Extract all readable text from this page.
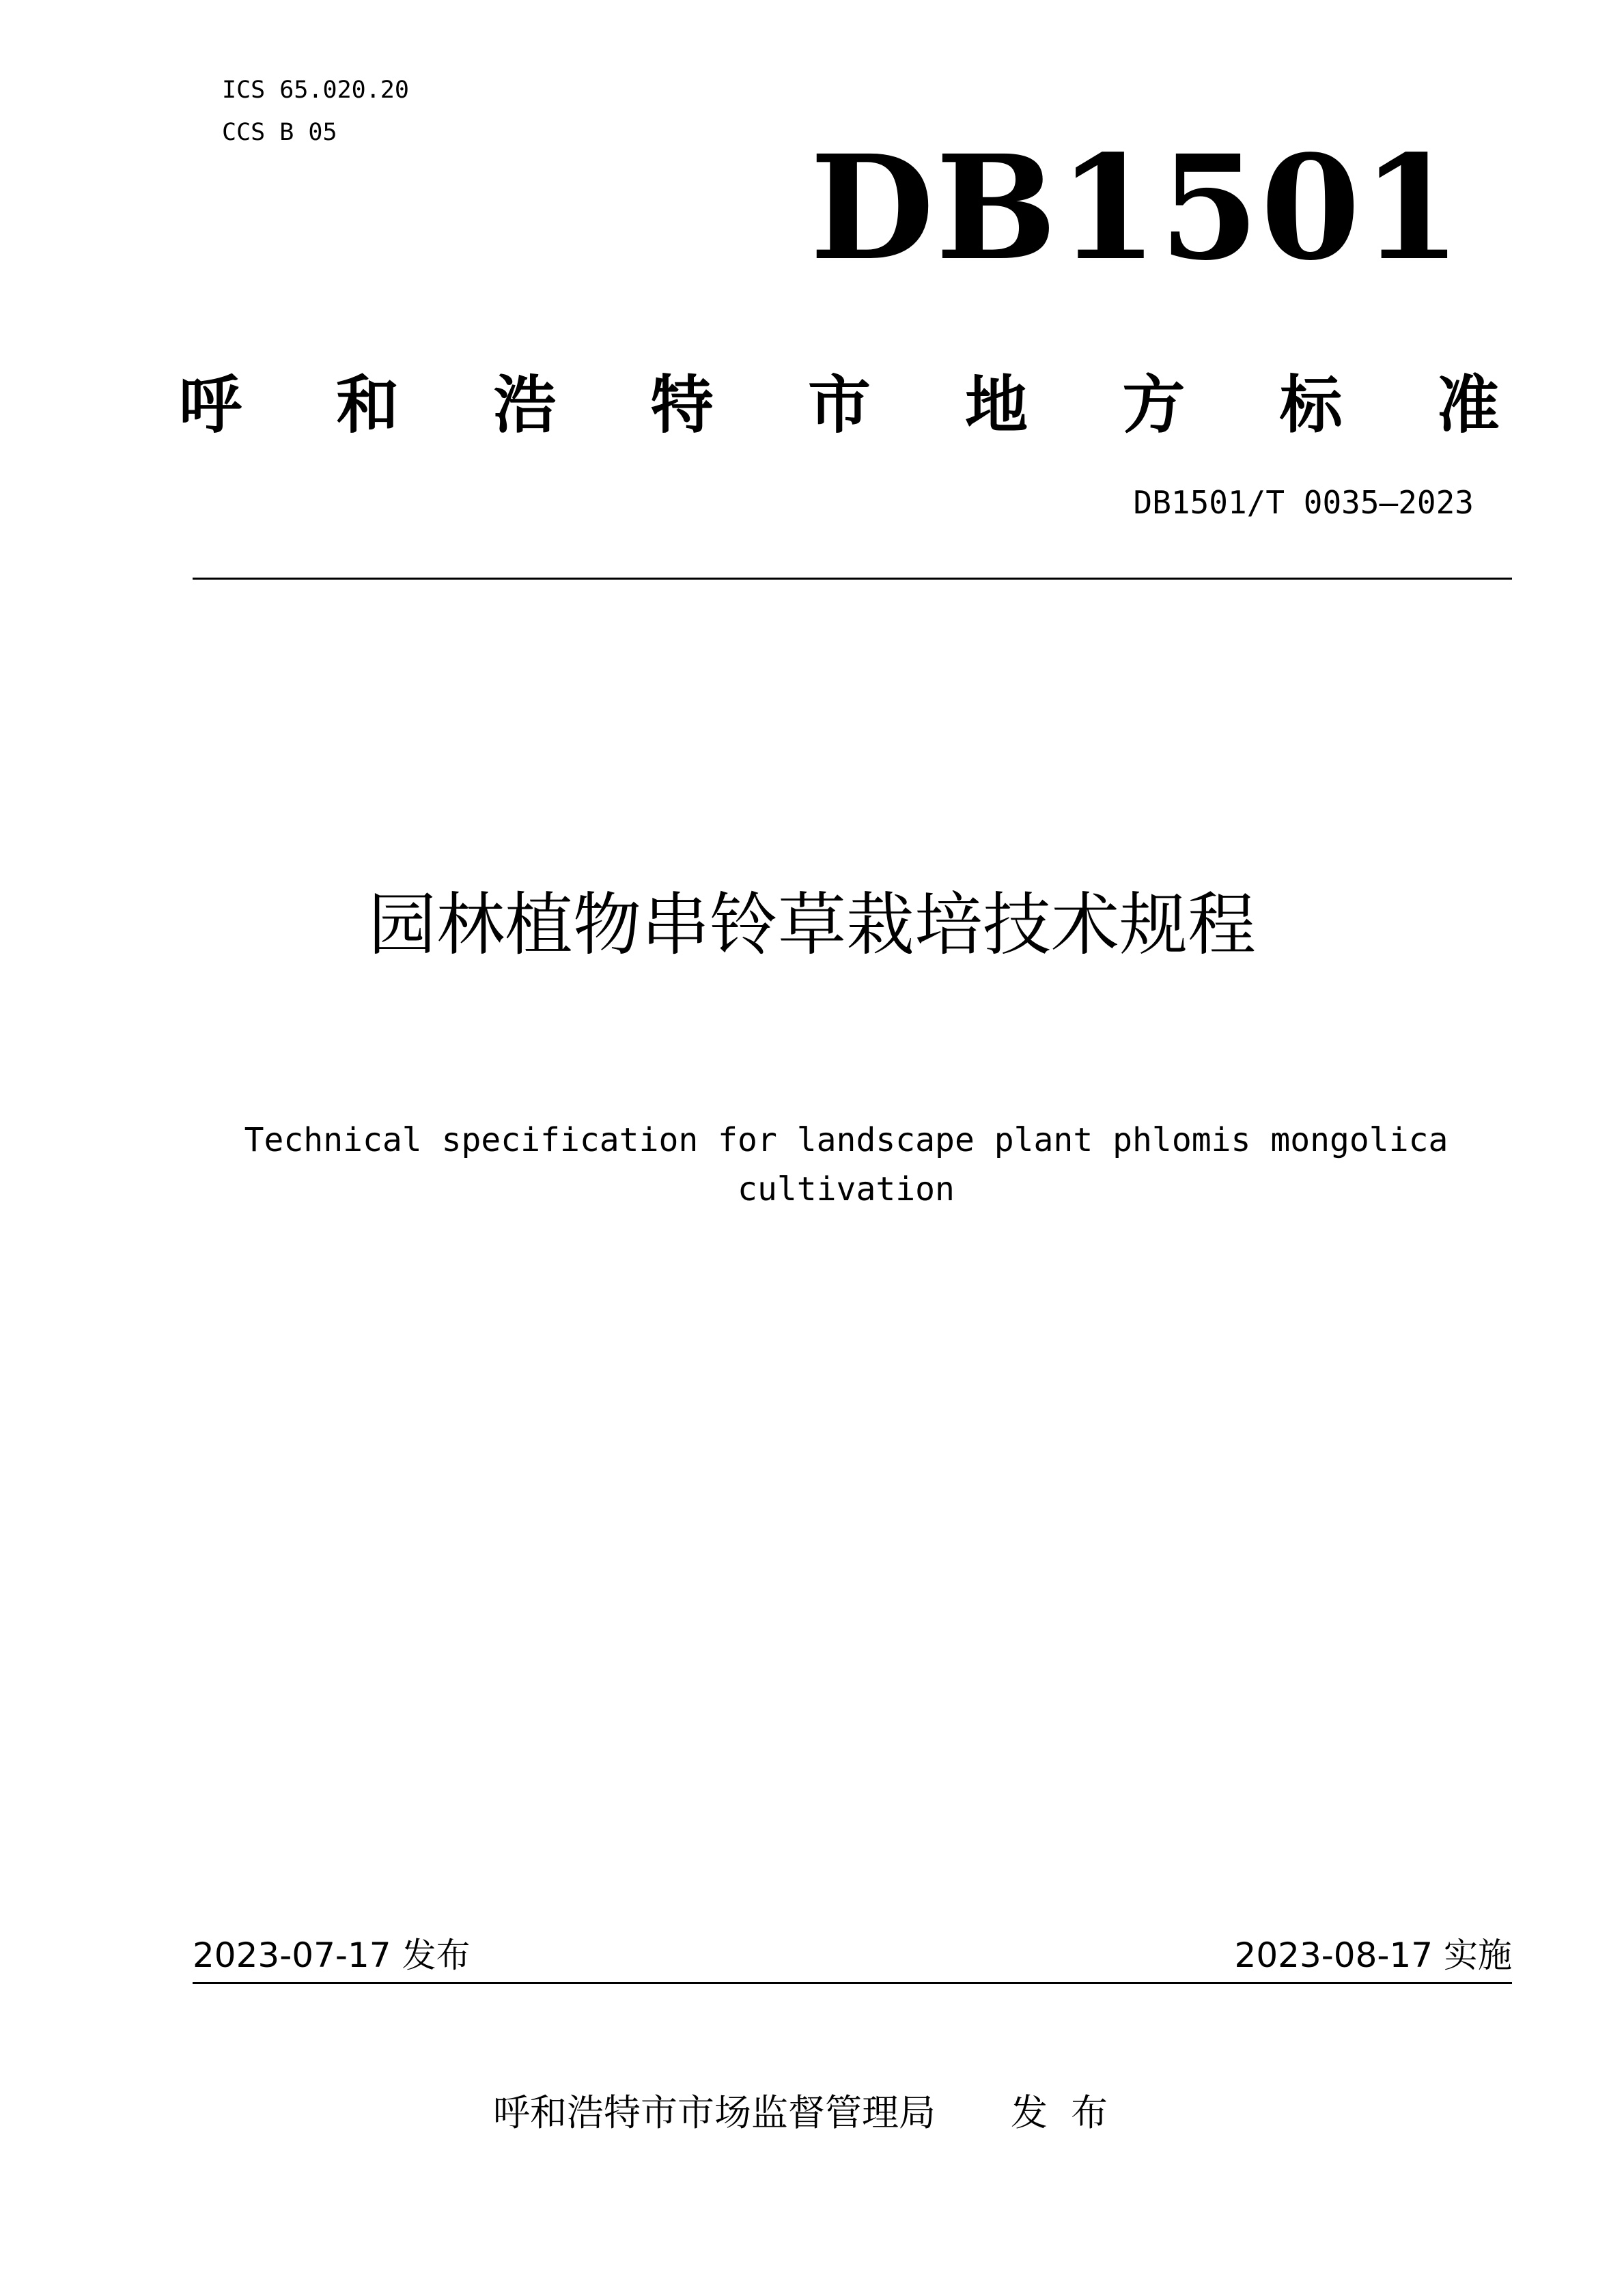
ICS 65.020.20
CCS B 05	DB1501
呼 和 浩 特 市 地 方 标 准
DB1501/T 0035—2023
园林植物串铃草栽培技术规程
Technical specification for landscape plant phlomis mongolica
cultivation
2023-07-17 发布	2023-08-17 实施
呼和浩特市市场监督管理局 发布
